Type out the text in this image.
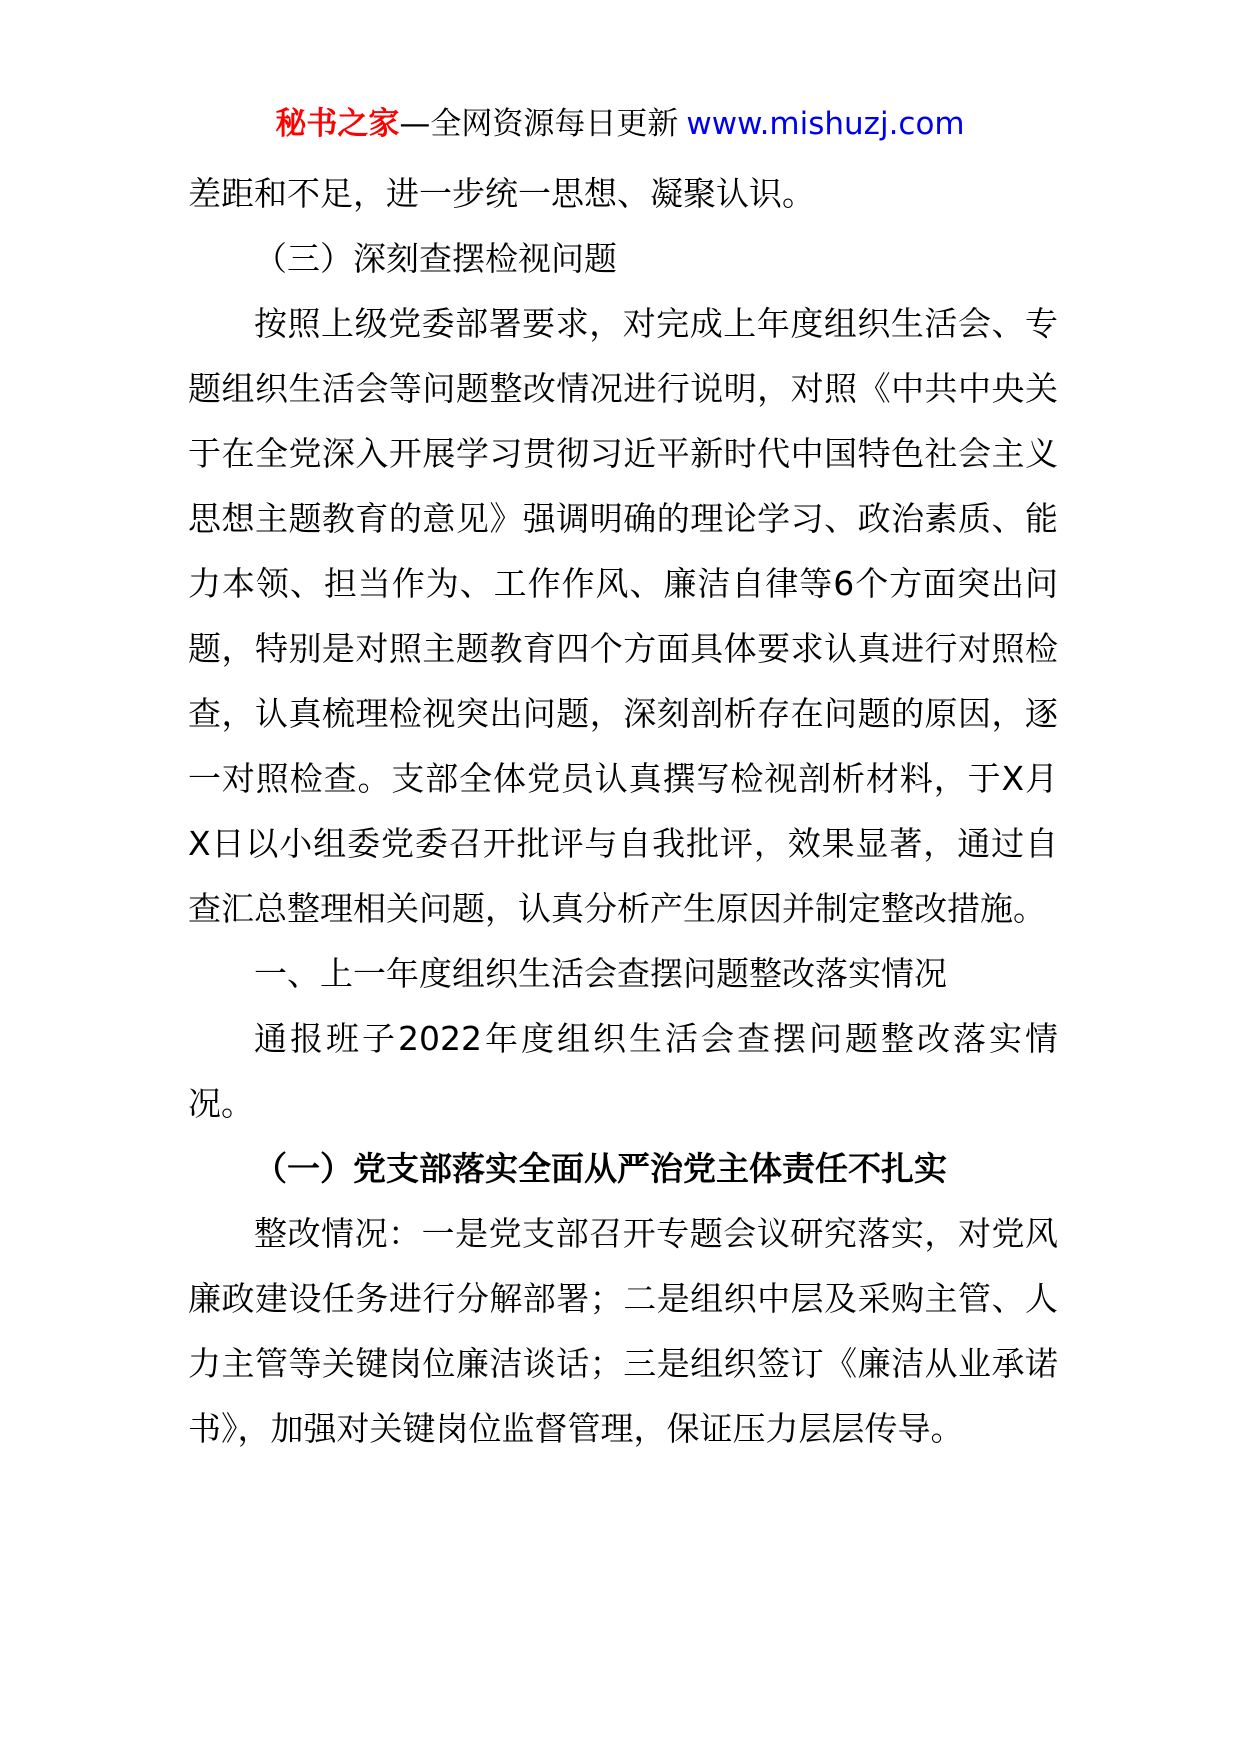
秘书之家—全网资源每日更新 www.mishuzj.com

差距和不足，进一步统一思想、凝聚认识。

（三）深刻查摆检视问题

按照上级党委部署要求，对完成上年度组织生活会、专题组织生活会等问题整改情况进行说明，对照《中共中央关于在全党深入开展学习贯彻习近平新时代中国特色社会主义思想主题教育的意见》强调明确的理论学习、政治素质、能力本领、担当作为、工作作风、廉洁自律等6个方面突出问题，特别是对照主题教育四个方面具体要求认真进行对照检查，认真梳理检视突出问题，深刻剖析存在问题的原因，逐一对照检查。支部全体党员认真撰写检视剖析材料，于X月X日以小组委党委召开批评与自我批评，效果显著，通过自查汇总整理相关问题，认真分析产生原因并制定整改措施。

一、上一年度组织生活会查摆问题整改落实情况

通报班子2022年度组织生活会查摆问题整改落实情况。

（一）党支部落实全面从严治党主体责任不扎实

整改情况：一是党支部召开专题会议研究落实，对党风廉政建设任务进行分解部署；二是组织中层及采购主管、人力主管等关键岗位廉洁谈话；三是组织签订《廉洁从业承诺书》，加强对关键岗位监督管理，保证压力层层传导。
